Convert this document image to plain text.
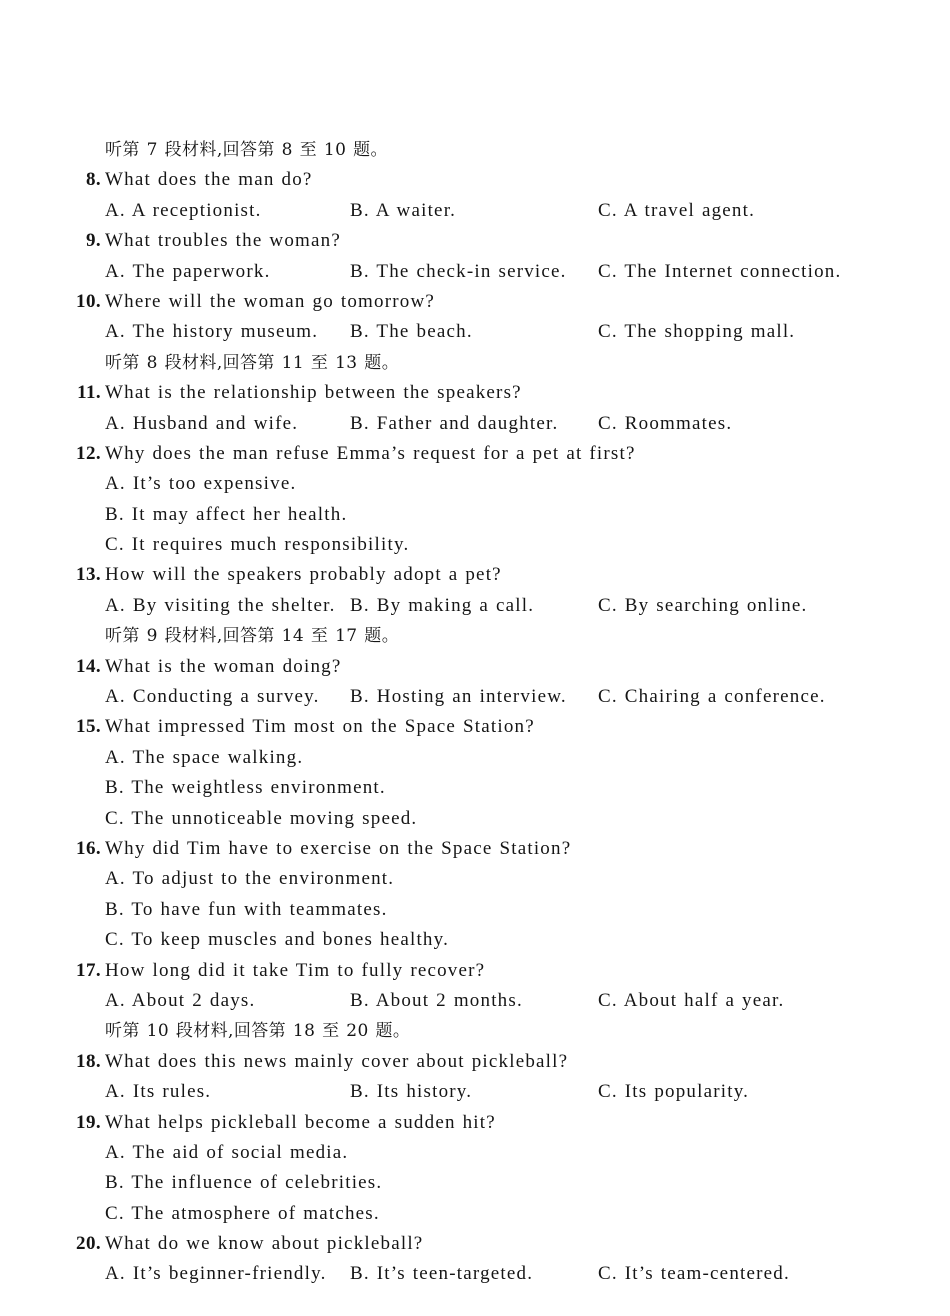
听第 7 段材料,回答第 8 至 10 题。
8. What does the man do?
A. A receptionist.	B. A waiter.	C. A travel agent.
9. What troubles the woman?
A. The paperwork.	B. The check-in service. C. The Internet connection.
10. Where will the woman go tomorrow?
A. The history museum. B. The beach.	C. The shopping mall.
听第 8 段材料,回答第 11 至 13 题。
11. What is the relationship between the speakers?
A. Husband and wife.	B. Father and daughter. C. Roommates.
12. Why does the man refuse Emma’s request for a pet at first?
A. It’s too expensive.
B. It may affect her health.
C. It requires much responsibility.
13. How will the speakers probably adopt a pet?
A. By visiting the shelter. B. By making a call.	C. By searching online.
听第 9 段材料,回答第 14 至 17 题。
14. What is the woman doing?
A. Conducting a survey. B. Hosting an interview. C. Chairing a conference.
15. What impressed Tim most on the Space Station?
A. The space walking.
B. The weightless environment.
C. The unnoticeable moving speed.
16. Why did Tim have to exercise on the Space Station?
A. To adjust to the environment.
B. To have fun with teammates.
C. To keep muscles and bones healthy.
17. How long did it take Tim to fully recover?
A. About 2 days.	B. About 2 months.	C. About half a year.
听第 10 段材料,回答第 18 至 20 题。
18. What does this news mainly cover about pickleball?
A. Its rules.	B. Its history.	C. Its popularity.
19. What helps pickleball become a sudden hit?
A. The aid of social media.
B. The influence of celebrities.
C. The atmosphere of matches.
20. What do we know about pickleball?
A. It’s beginner-friendly. B. It’s teen-targeted.	C. It’s team-centered.
